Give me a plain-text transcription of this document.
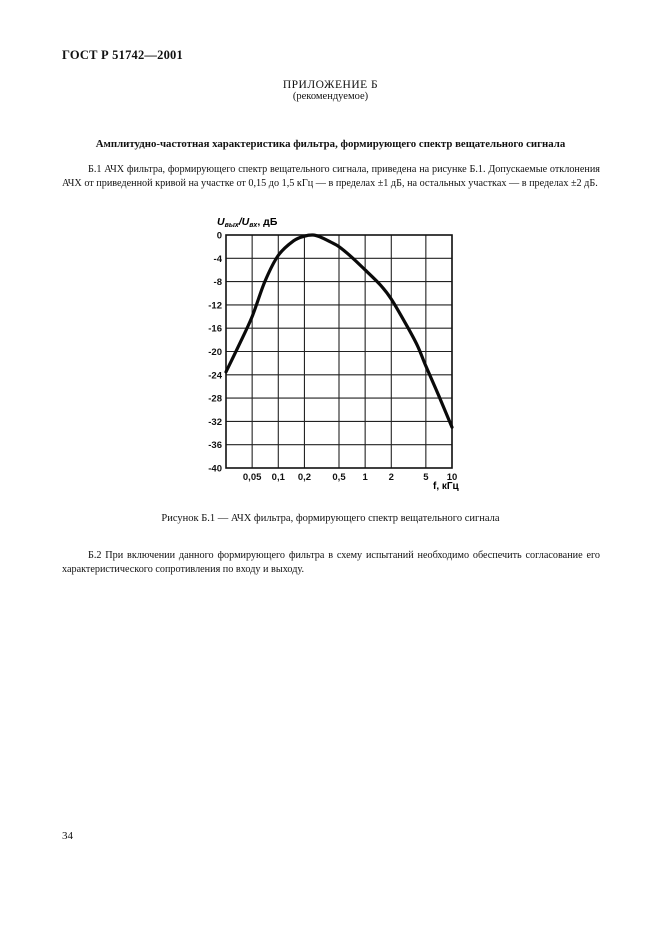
ГОСТ Р 51742—2001
ПРИЛОЖЕНИЕ Б
(рекомендуемое)
Амплитудно-частотная характеристика фильтра, формирующего спектр вещательного сигнала
Б.1 АЧХ фильтра, формирующего спектр вещательного сигнала, приведена на рисунке Б.1. Допускаемые отклонения АЧХ от приведенной кривой на участке от 0,15 до 1,5 кГц — в пределах ±1 дБ, на остальных участках — в пределах ±2 дБ.
0
-4
-8
-12
-16
-20
-24
-28
-32
-36
-40
0,05 0,1 0,2 0,5 1 2	5 10
Uвых/Uвх, дБ
f, кГц
Рисунок Б.1 — АЧХ фильтра, формирующего спектр вещательного сигнала
Б.2 При включении данного формирующего фильтра в схему испытаний необходимо обеспечить согласование его характеристического сопротивления по входу и выходу.
34
